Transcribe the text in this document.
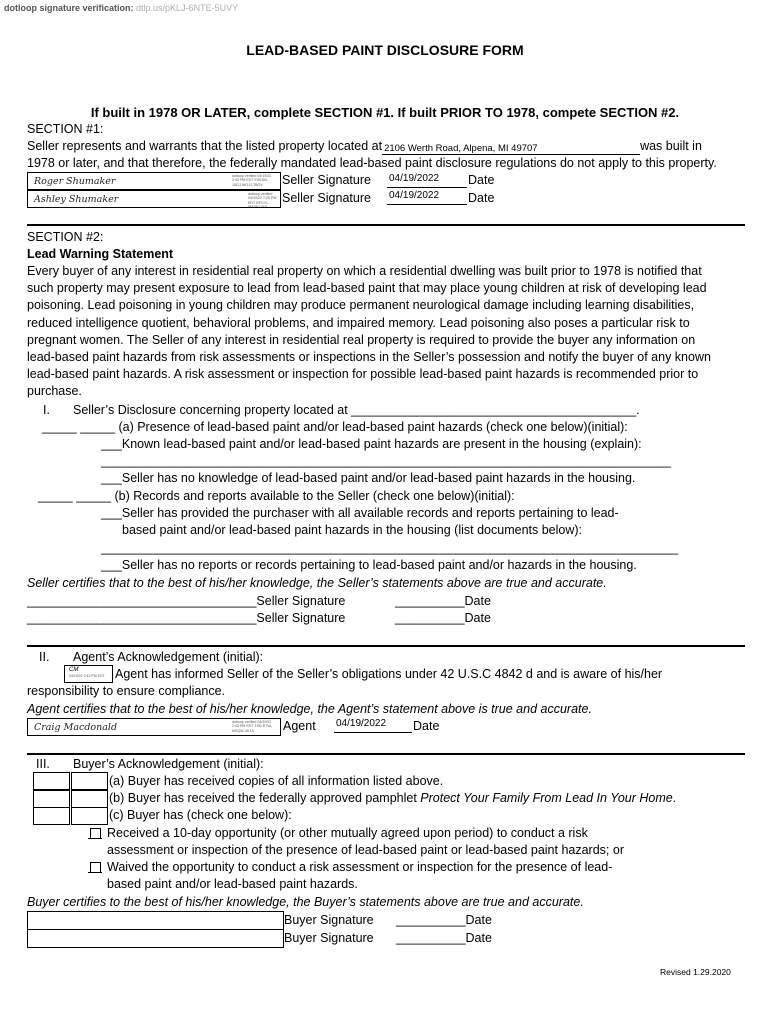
dotloop signature verification: dtlp.us/pKLJ-6NTE-5UVY
LEAD-BASED PAINT DISCLOSURE FORM
If built in 1978 OR LATER, complete SECTION #1. If built PRIOR TO 1978, compete SECTION #2.
SECTION #1:
Seller represents and warrants that the listed property located at 2106 Werth Road, Alpena, MI 49707	was built in
1978 or later, and that therefore, the federally mandated lead-based paint disclosure regulations do not apply to this property.
Roger Shumaker	dotloop verified 04/19/22 2:43 PM EDT EXKDN-JUDJ-WOJJ-TBOV	Seller Signature 04/19/2022 Date
Ashley Shumaker	dotloop verified 04/19/22 7:25 PM EDT RFGYL-8M7W-U37L
Seller Signature 04/19/2022 Date
SECTION #2:
Lead Warning Statement
Every buyer of any interest in residential real property on which a residential dwelling was built prior to 1978 is notified that
such property may present exposure to lead from lead-based paint that may place young children at risk of developing lead
poisoning. Lead poisoning in young children may produce permanent neurological damage including learning disabilities,
reduced intelligence quotient, behavioral problems, and impaired memory. Lead poisoning also poses a particular risk to
pregnant women. The Seller of any interest in residential real property is required to provide the buyer any information on
lead-based paint hazards from risk assessments or inspections in the Seller’s possession and notify the buyer of any known
lead-based paint hazards. A risk assessment or inspection for possible lead-based paint hazards is recommended prior to
purchase.
I. Seller’s Disclosure concerning property located at _________________________________________.
_____ _____ (a) Presence of lead-based paint and/or lead-based paint hazards (check one below)(initial):
___Known lead-based paint and/or lead-based paint hazards are present in the housing (explain):
__________________________________________________________________________________
___Seller has no knowledge of lead-based paint and/or lead-based paint hazards in the housing.
_____ _____ (b) Records and reports available to the Seller (check one below)(initial):
___Seller has provided the purchaser with all available records and reports pertaining to lead-
based paint and/or lead-based paint hazards in the housing (list documents below):
___________________________________________________________________________________
___Seller has no reports or records pertaining to lead-based paint and/or hazards in the housing.
Seller certifies that to the best of his/her knowledge, the Seller’s statements above are true and accurate.
_________________________________Seller Signature	__________Date
_________________________________Seller Signature	__________Date
II. Agent’s Acknowledgement (initial):
CM
04/19/22 2:43 PM EDT Agent has informed Seller of the Seller’s obligations under 42 U.S.C 4842 d and is aware of his/her
responsibility to ensure compliance.
Agent certifies that to the best of his/her knowledge, the Agent’s statement above is true and accurate.
Craig Macdonald	dotloop verified 04/19/22 2:43 PM EDT 1SD-RTW-MSQW-VK1A	Agent 04/19/2022 Date
III. Buyer’s Acknowledgement (initial):
(a) Buyer has received copies of all information listed above.
(b) Buyer has received the federally approved pamphlet Protect Your Family From Lead In Your Home.
(c) Buyer has (check one below):
Received a 10-day opportunity (or other mutually agreed upon period) to conduct a risk
assessment or inspection of the presence of lead-based paint or lead-based paint hazards; or
Waived the opportunity to conduct a risk assessment or inspection for the presence of lead-
based paint and/or lead-based paint hazards.
Buyer certifies to the best of his/her knowledge, the Buyer’s statements above are true and accurate.
Buyer Signature __________Date
Buyer Signature __________Date
Revised 1.29.2020
